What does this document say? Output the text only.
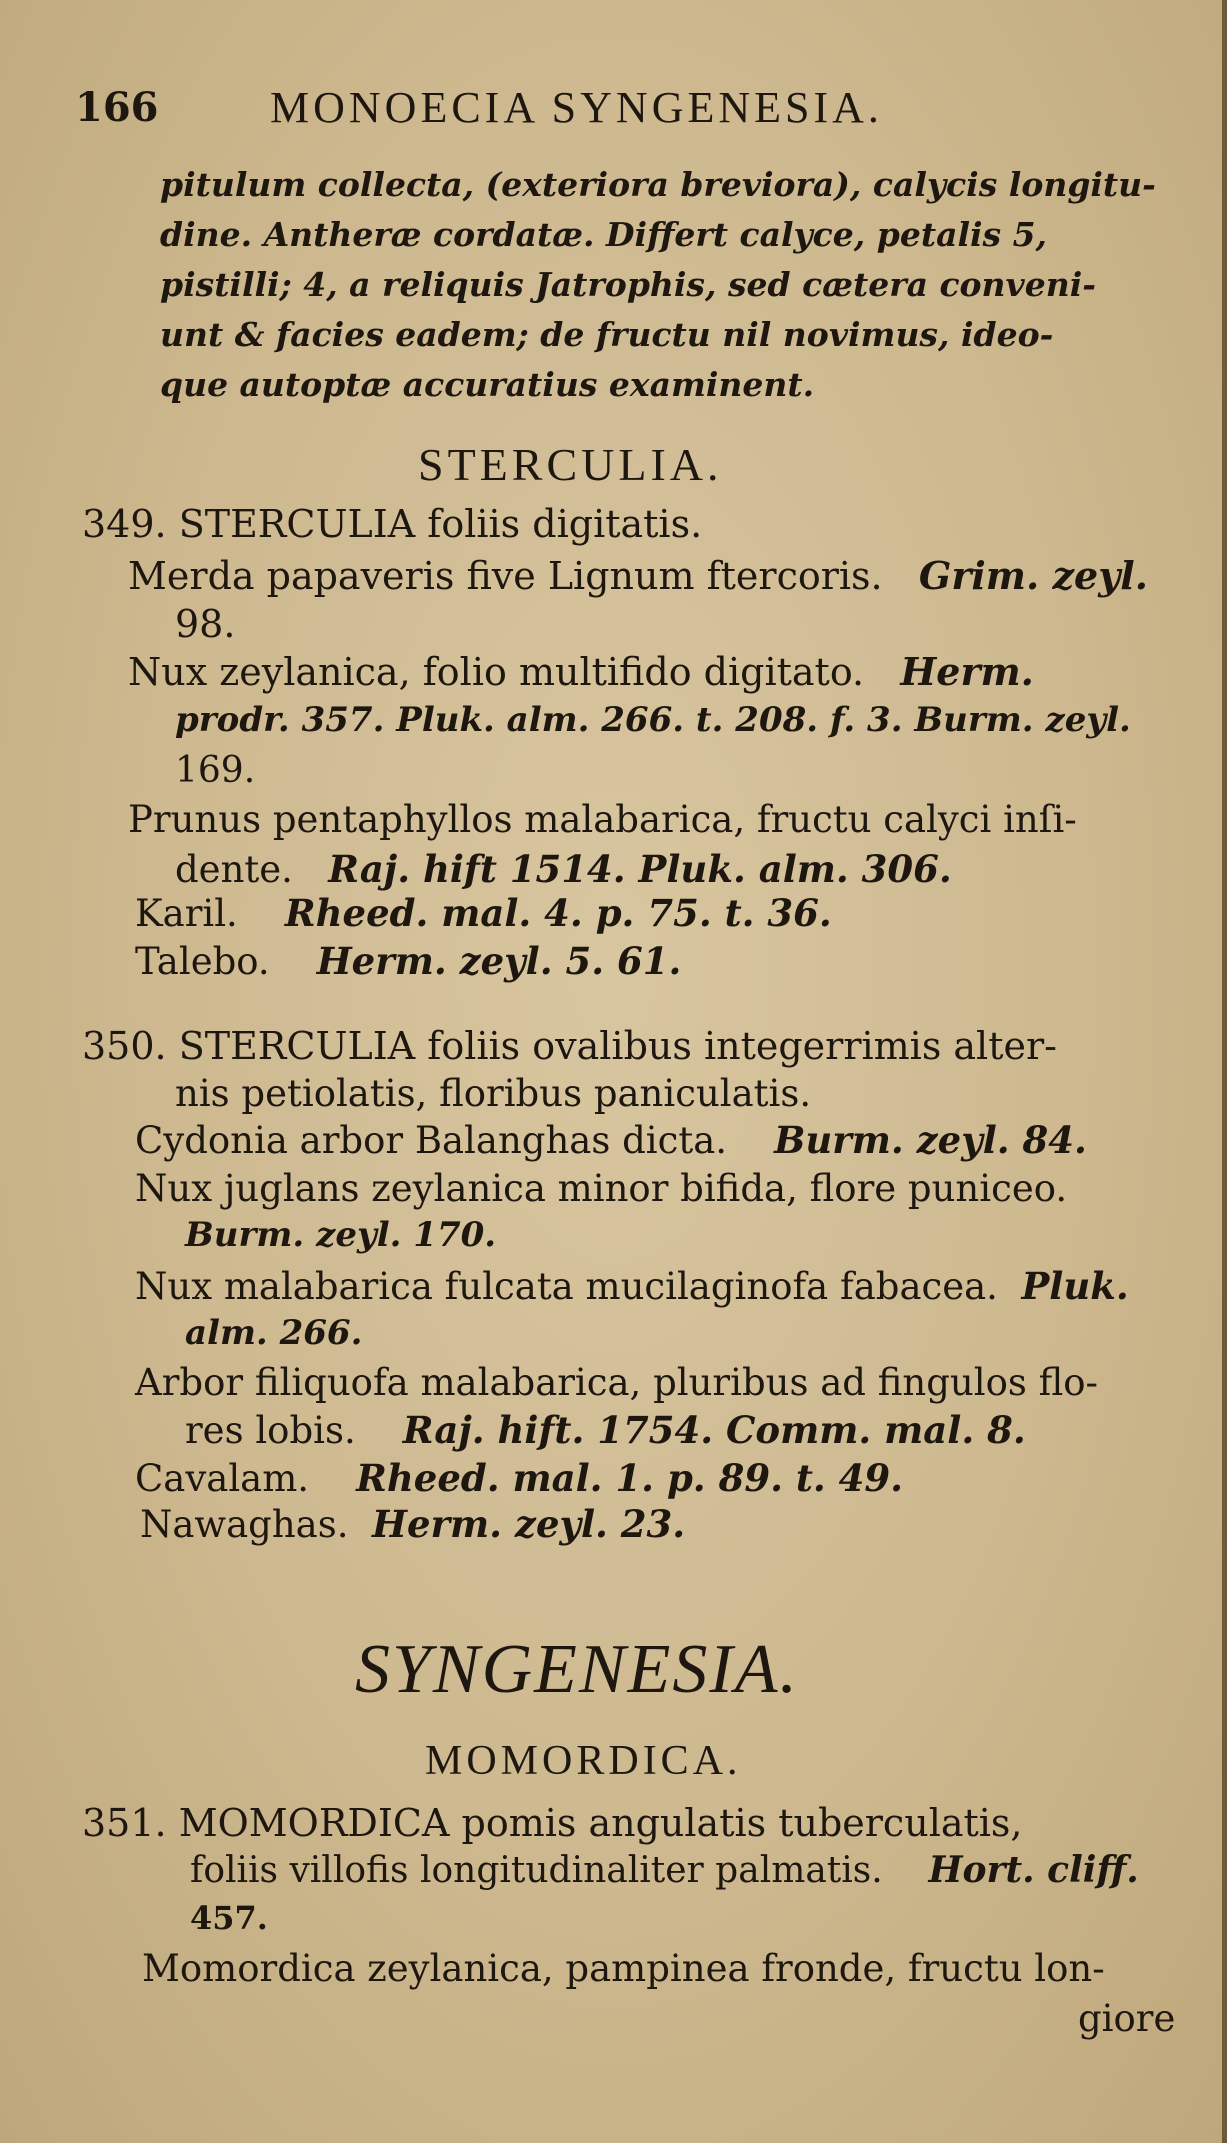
166	MONOECIA SYNGENESIA.
pitulum collecta, (exteriora breviora), calycis longitu-
dine. Antheræ cordatæ. Differt calyce, petalis 5,
pistilli; 4, a reliquis Jatrophis, sed cætera conveni-
unt & facies eadem; de fructu nil novimus, ideo-
que autoptæ accuratius examinent.
STERCULIA.
349. STERCULIA foliis digitatis.
Merda papaveris five Lignum ftercoris. Grim. zeyl.
98.
Nux zeylanica, folio multifido digitato. Herm.
prodr. 357. Pluk. alm. 266. t. 208. f. 3. Burm. zeyl.
169.
Prunus pentaphyllos malabarica, fructu calyci inſi-
dente. Raj. hift 1514. Pluk. alm. 306.
Karil. Rheed. mal. 4. p. 75. t. 36.
Talebo. Herm. zeyl. 5. 61.
350. STERCULIA foliis ovalibus integerrimis alter-
nis petiolatis, floribus paniculatis.
Cydonia arbor Balanghas dicta. Burm. zeyl. 84.
Nux juglans zeylanica minor bifida, flore puniceo.
Burm. zeyl. 170.
Nux malabarica fulcata mucilaginofa fabacea. Pluk.
alm. 266.
Arbor filiquofa malabarica, pluribus ad fingulos flo-
res lobis. Raj. hift. 1754. Comm. mal. 8.
Cavalam. Rheed. mal. 1. p. 89. t. 49.
Nawaghas. Herm. zeyl. 23.
SYNGENESIA.
MOMORDICA.
351. MOMORDICA pomis angulatis tuberculatis,
foliis villofis longitudinaliter palmatis. Hort. cliff.
457.
Momordica zeylanica, pampinea fronde, fructu lon-
giore
